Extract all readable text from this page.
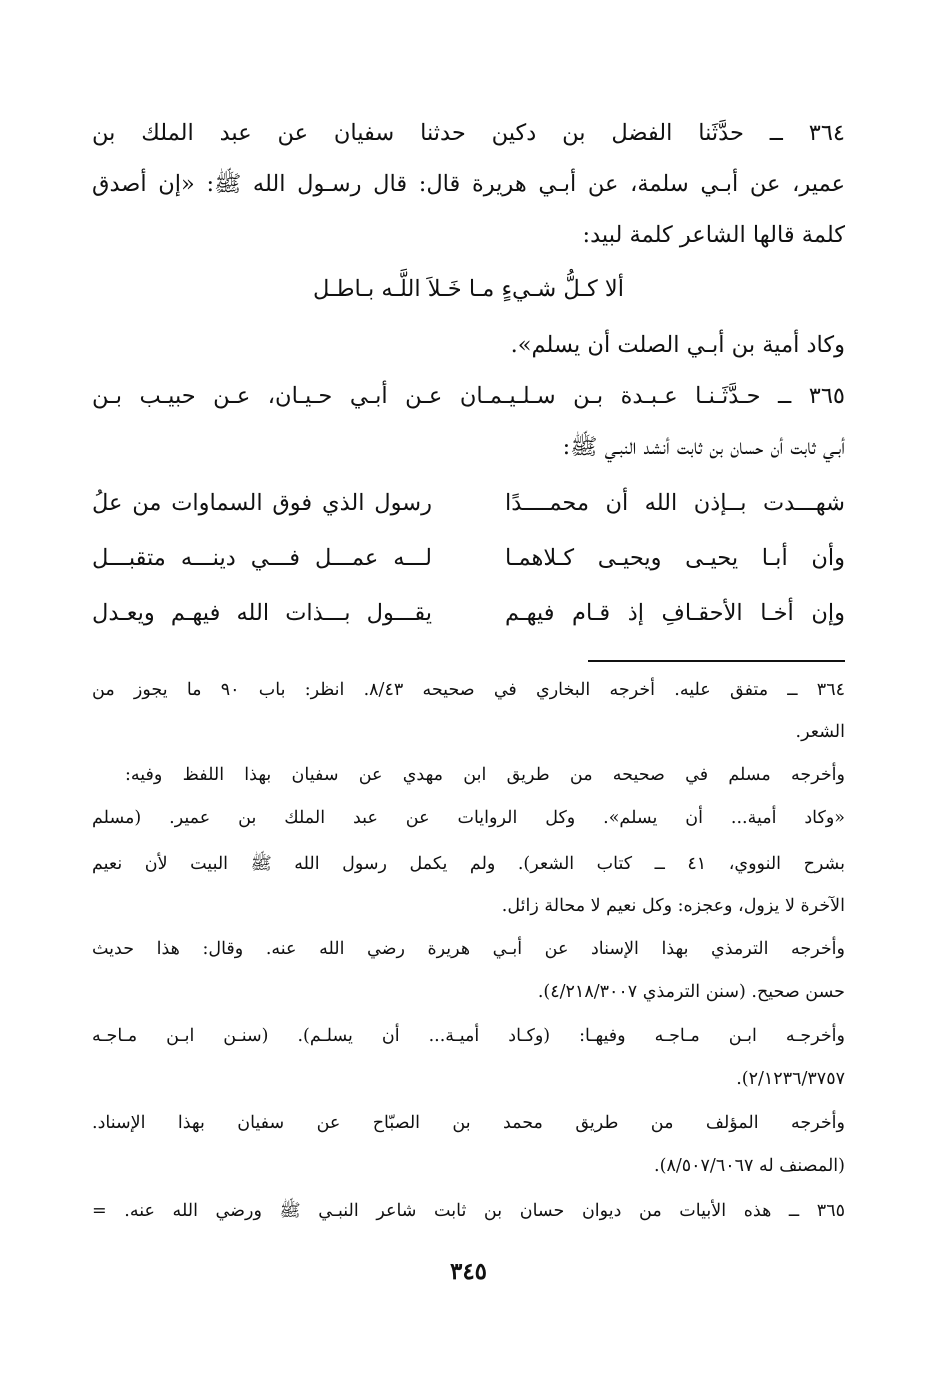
٣٦٤ ــ حدَّثَنا الفضل بن دكين حدثنا سفيان عن عبد الملك بن
عمير، عن أبـي سلمة، عن أبـي هريرة قال: قال رسـول الله ﷺ: «إن أصدق
كلمة قالها الشاعر كلمة لبيد:
ألا كـلُّ شـيءٍ مـا خَـلاَ اللَّـه بـاطـل
وكاد أمية بن أبـي الصلت أن يسلم».
٣٦٥ ــ حـدَّثَـنـا عـبـدة بـن سـلـيـمـان عـن أبـي حـيـان، عـن حبيـب بـن
أبـي ثابت أن حسان بن ثابت أنشد النبـي ﷺ:
شهـــدت بــإذن الله أن محمــــدًا
رسول الذي فوق السماوات من علُ
وأن أبـا يحيـى ويحيـى كـلاهمـا
لـــه عمـــل فـــي دينـــه متقبـــل
وإن أخـا الأحقـافِ إذ قـام فيهـم
يقـــول بـــذات الله فيهـم ويعـدل
٣٦٤ ــ متفق عليه. أخرجه البخاري في صحيحه ٨/٤٣. انظر: باب ٩٠ ما يجوز من
الشعر.
وأخرجه مسلم في صحيحه من طريق ابن مهدي عن سفيان بهذا اللفظ وفيه:
«وكاد أمية... أن يسلم». وكل الروايات عن عبد الملك بن عمير. (مسلم
بشرح النووي، ٤١ ــ كتاب الشعر). ولم يكمل رسول الله ﷺ البيت لأن نعيم
الآخرة لا يزول، وعجزه: وكل نعيم لا محالة زائل.
وأخرجه الترمذي بهذا الإسناد عن أبـي هريرة رضي الله عنه. وقال: هذا حديث
حسن صحيح. (سنن الترمذي ٤/٢١٨/٣٠٠٧).
وأخرجـه ابـن مـاجـه وفيهـا: (وكـاد أميـة... أن يسلـم). (سنـن ابـن مـاجـه
٢/١٢٣٦/٣٧٥٧).
وأخرجه المؤلف من طريق محمد بن الصبّاح عن سفيان بهذا الإسناد.
(المصنف له ٨/٥٠٧/٦٠٦٧).
٣٦٥ ــ هذه الأبيات من ديوان حسان بن ثابت شاعر النبـي ﷺ ورضي الله عنه. =
٣٤٥
